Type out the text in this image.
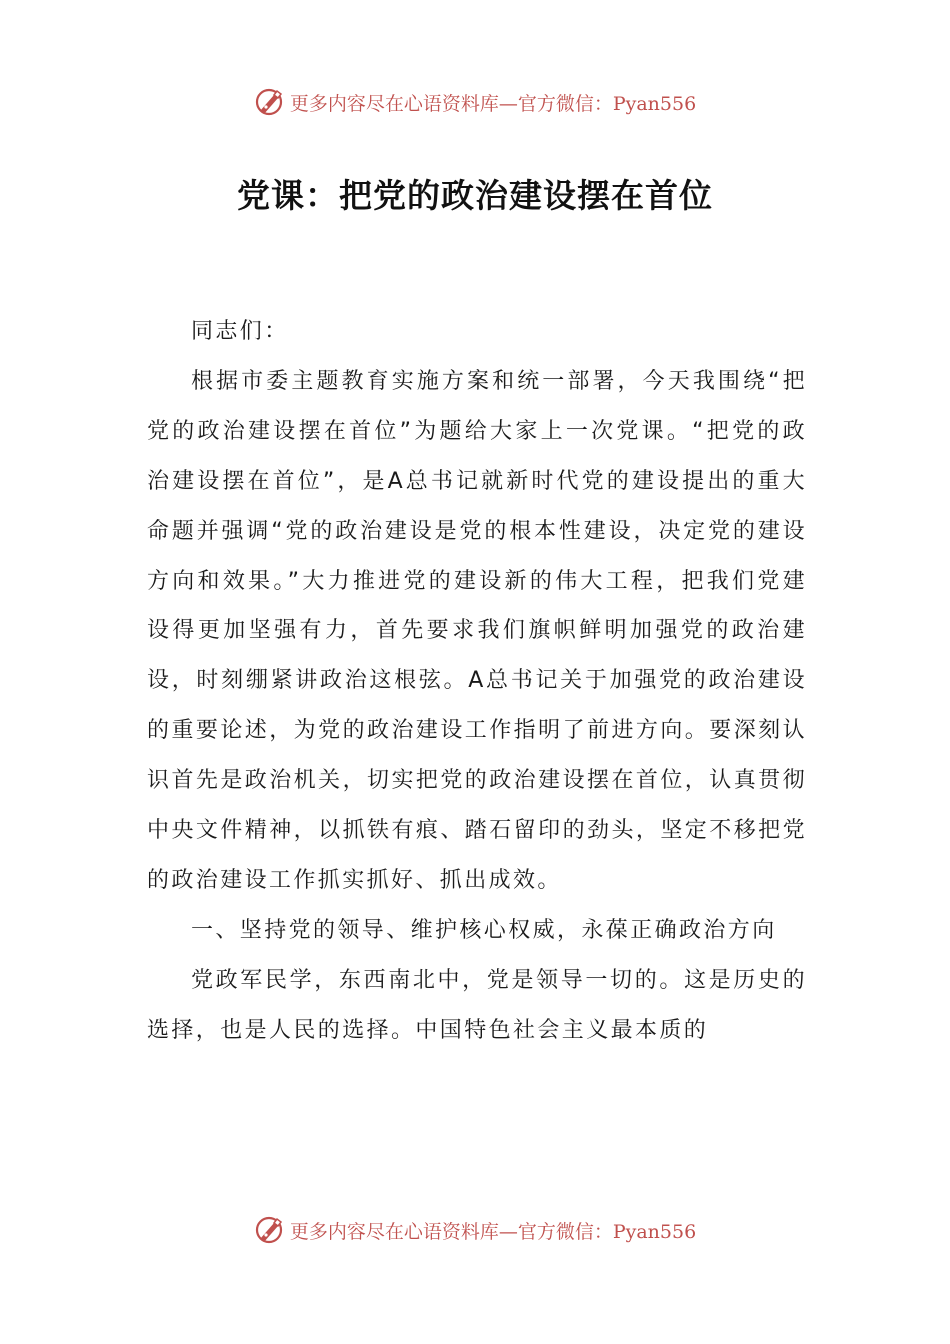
更多内容尽在心语资料库—官方微信：Pyan556
党课：把党的政治建设摆在首位

同志们：

根据市委主题教育实施方案和统一部署，今天我围绕“把党的政治建设摆在首位”为题给大家上一次党课。“把党的政治建设摆在首位”，是A总书记就新时代党的建设提出的重大命题并强调“党的政治建设是党的根本性建设，决定党的建设方向和效果。”大力推进党的建设新的伟大工程，把我们党建设得更加坚强有力，首先要求我们旗帜鲜明加强党的政治建设，时刻绷紧讲政治这根弦。A总书记关于加强党的政治建设的重要论述，为党的政治建设工作指明了前进方向。要深刻认识首先是政治机关，切实把党的政治建设摆在首位，认真贯彻中央文件精神，以抓铁有痕、踏石留印的劲头，坚定不移把党的政治建设工作抓实抓好、抓出成效。

一、坚持党的领导、维护核心权威，永葆正确政治方向

党政军民学，东西南北中，党是领导一切的。这是历史的选择，也是人民的选择。中国特色社会主义最本质的

更多内容尽在心语资料库—官方微信：Pyan556
